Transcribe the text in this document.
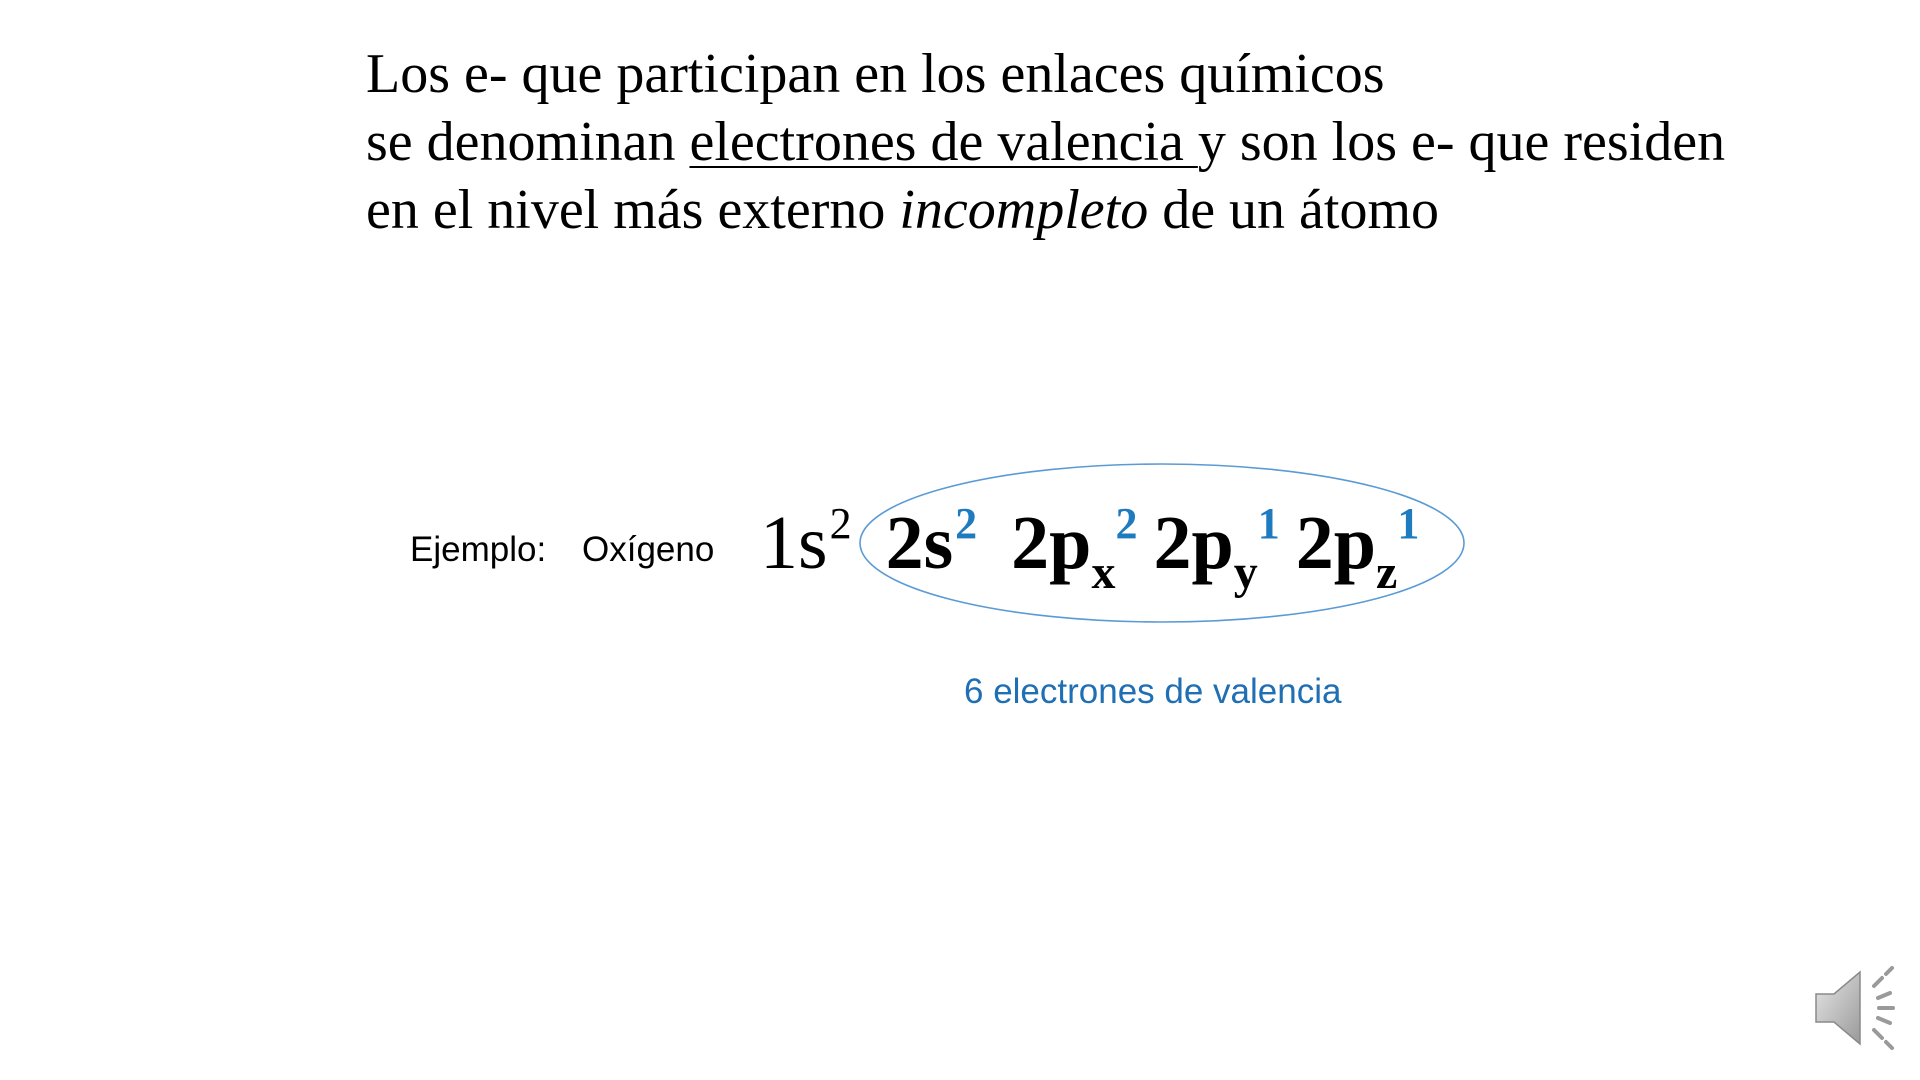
Los e- que participan en los enlaces químicos
se denominan electrones de valencia y son los e- que residen
en el nivel más externo incompleto de un átomo

Ejemplo: Oxígeno 1s2 2s2 2px2 2py1 2pz1
6 electrones de valencia
